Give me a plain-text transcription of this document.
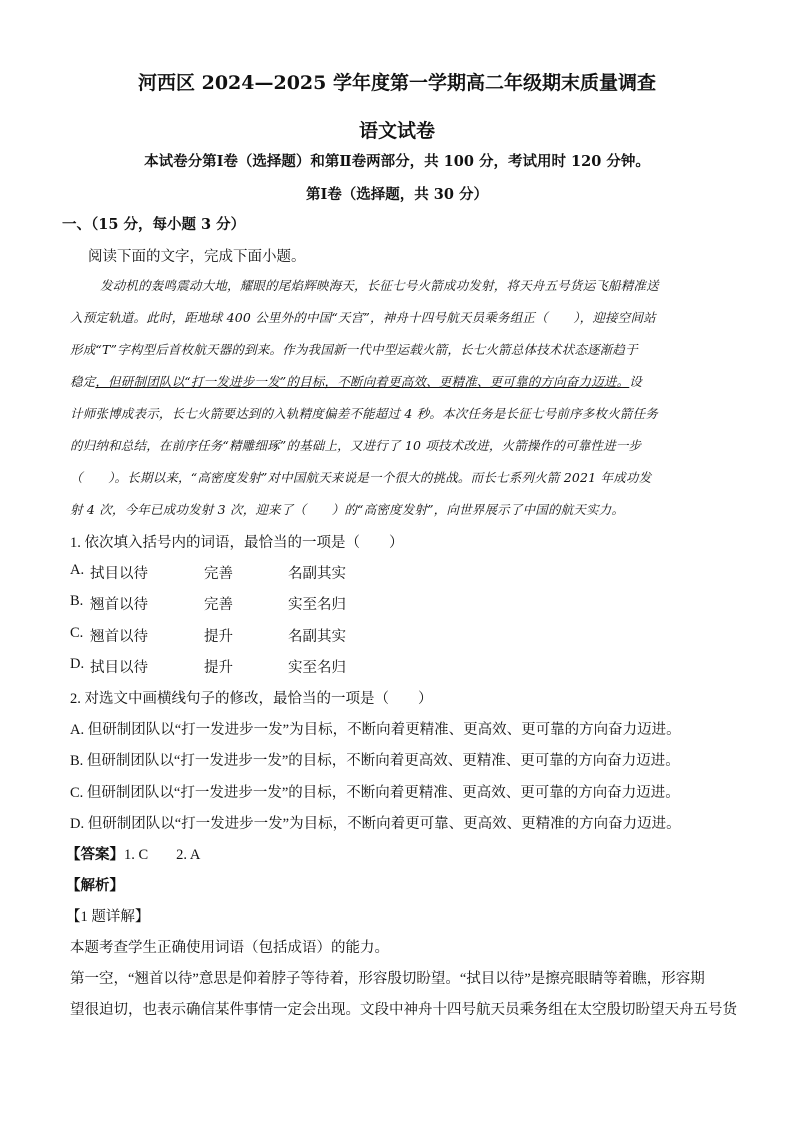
河西区 2024—2025 学年度第一学期高二年级期末质量调查
语文试卷
本试卷分第Ⅰ卷（选择题）和第Ⅱ卷两部分，共 100 分，考试用时 120 分钟。
第Ⅰ卷（选择题，共 30 分）
一、（15 分，每小题 3 分）
阅读下面的文字，完成下面小题。
发动机的轰鸣震动大地，耀眼的尾焰辉映海天，长征七号火箭成功发射，将天舟五号货运飞船精准送
入预定轨道。此时，距地球 400 公里外的中国“天宫”，神舟十四号航天员乘务组正（　　），迎接空间站
形成“T”字构型后首枚航天器的到来。作为我国新一代中型运载火箭，长七火箭总体技术状态逐渐趋于
稳定，但研制团队以“打一发进步一发”的目标，不断向着更高效、更精准、更可靠的方向奋力迈进。设
计师张博成表示，长七火箭要达到的入轨精度偏差不能超过 4 秒。本次任务是长征七号前序多枚火箭任务
的归纳和总结，在前序任务“精雕细琢”的基础上，又进行了 10 项技术改进，火箭操作的可靠性进一步
（　　）。长期以来，“高密度发射”对中国航天来说是一个很大的挑战。而长七系列火箭 2021 年成功发
射 4 次，今年已成功发射 3 次，迎来了（　　）的“高密度发射”，向世界展示了中国的航天实力。
1. 依次填入括号内的词语，最恰当的一项是（　　）
A. 拭目以待	完善	名副其实
B. 翘首以待	完善	实至名归
C. 翘首以待	提升	名副其实
D. 拭目以待	提升	实至名归
2. 对选文中画横线句子的修改，最恰当的一项是（　　）
A. 但研制团队以“打一发进步一发”为目标，不断向着更精准、更高效、更可靠的方向奋力迈进。
B. 但研制团队以“打一发进步一发”的目标，不断向着更高效、更精准、更可靠的方向奋力迈进。
C. 但研制团队以“打一发进步一发”的目标，不断向着更精准、更高效、更可靠的方向奋力迈进。
D. 但研制团队以“打一发进步一发”为目标，不断向着更可靠、更高效、更精准的方向奋力迈进。
【答案】1. C 2. A
【解析】
【1 题详解】
本题考查学生正确使用词语（包括成语）的能力。
第一空，“翘首以待”意思是仰着脖子等待着，形容殷切盼望。“拭目以待”是擦亮眼睛等着瞧，形容期
望很迫切，也表示确信某件事情一定会出现。文段中神舟十四号航天员乘务组在太空殷切盼望天舟五号货
